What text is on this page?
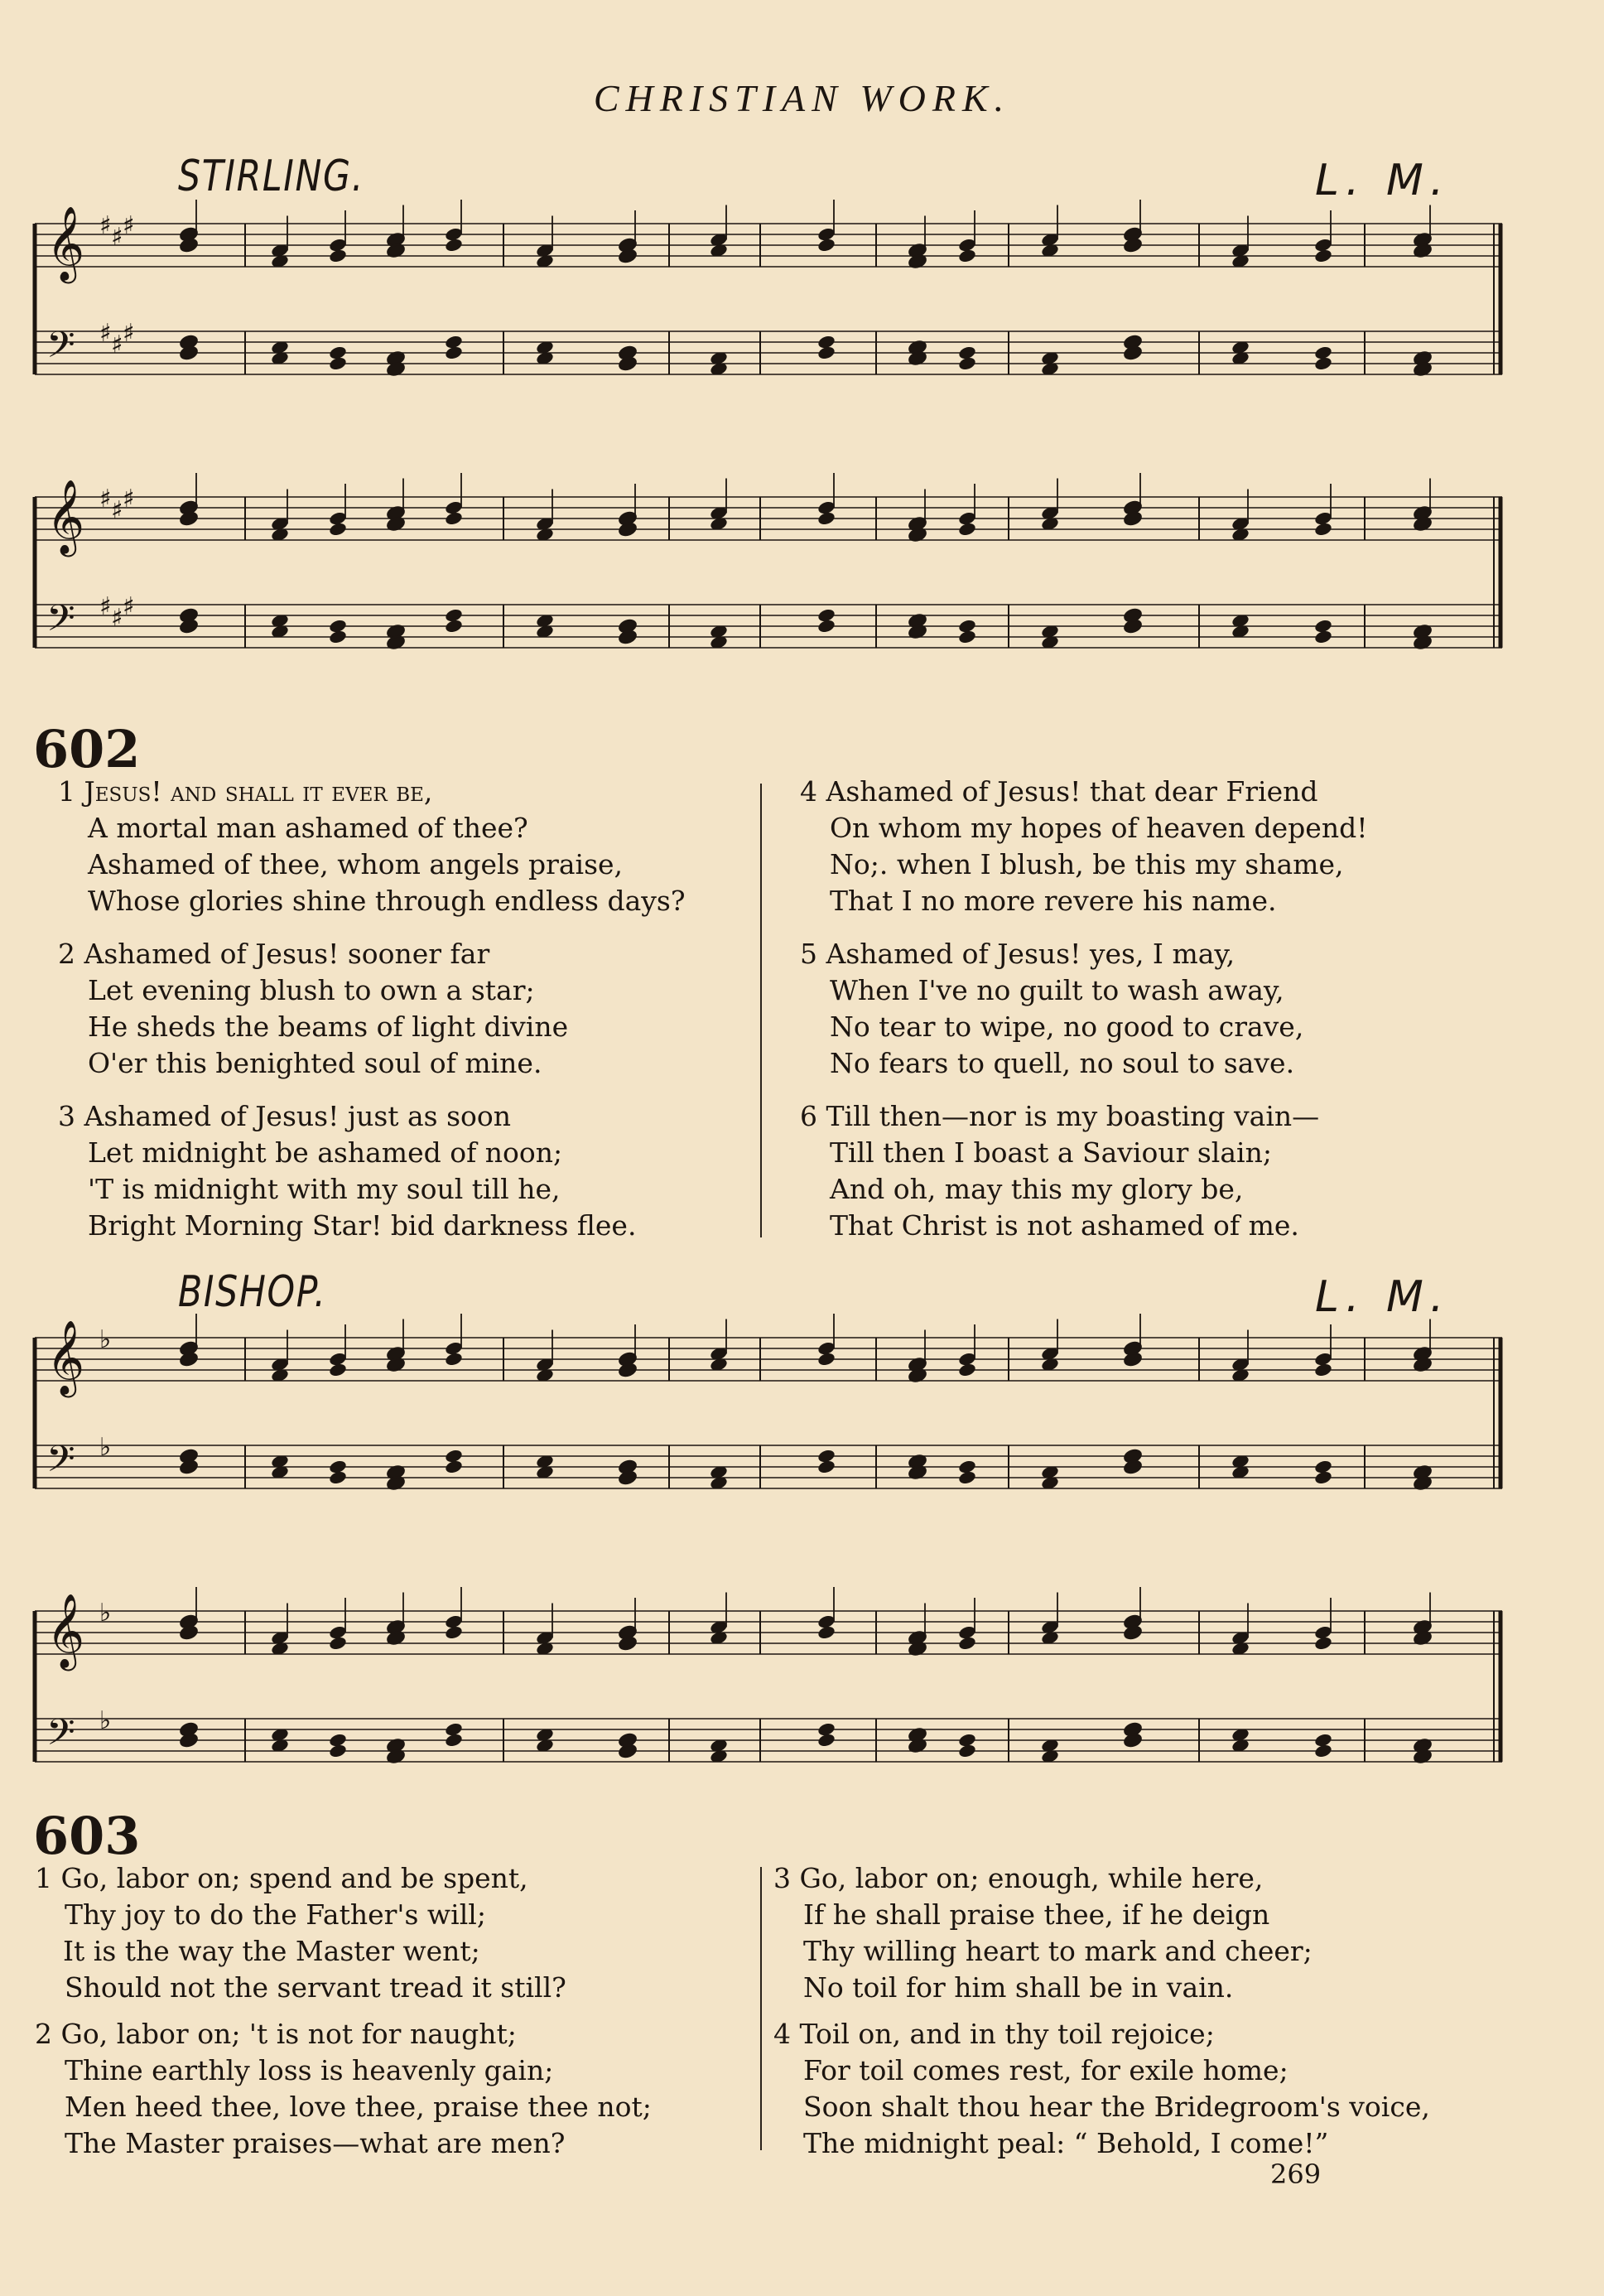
CHRISTIAN WORK.
STIRLING.	L. M.
𝄞 ♯ ♯ ♯
𝄢 ♯ ♯ ♯
𝄞 ♯ ♯ ♯
𝄢 ♯ ♯ ♯
602
1 Jesus! and shall it ever be,
A mortal man ashamed of thee?
Ashamed of thee, whom angels praise,
Whose glories shine through endless days?
2 Ashamed of Jesus! sooner far
Let evening blush to own a star;
He sheds the beams of light divine
O'er this benighted soul of mine.
3 Ashamed of Jesus! just as soon
Let midnight be ashamed of noon;
'T is midnight with my soul till he,
Bright Morning Star! bid darkness flee.
4 Ashamed of Jesus! that dear Friend
On whom my hopes of heaven depend!
No;. when I blush, be this my shame,
That I no more revere his name.
5 Ashamed of Jesus! yes, I may,
When I've no guilt to wash away,
No tear to wipe, no good to crave,
No fears to quell, no soul to save.
6 Till then—nor is my boasting vain—
Till then I boast a Saviour slain;
And oh, may this my glory be,
That Christ is not ashamed of me.
BISHOP.	L. M.
𝄞 ♭
𝄢 ♭
𝄞 ♭
𝄢 ♭
603
1 Go, labor on; spend and be spent,
Thy joy to do the Father's will;
It is the way the Master went;
Should not the servant tread it still?
2 Go, labor on; 't is not for naught;
Thine earthly loss is heavenly gain;
Men heed thee, love thee, praise thee not;
The Master praises—what are men?
3 Go, labor on; enough, while here,
If he shall praise thee, if he deign
Thy willing heart to mark and cheer;
No toil for him shall be in vain.
4 Toil on, and in thy toil rejoice;
For toil comes rest, for exile home;
Soon shalt thou hear the Bridegroom's voice,
The midnight peal: “ Behold, I come!”
269
